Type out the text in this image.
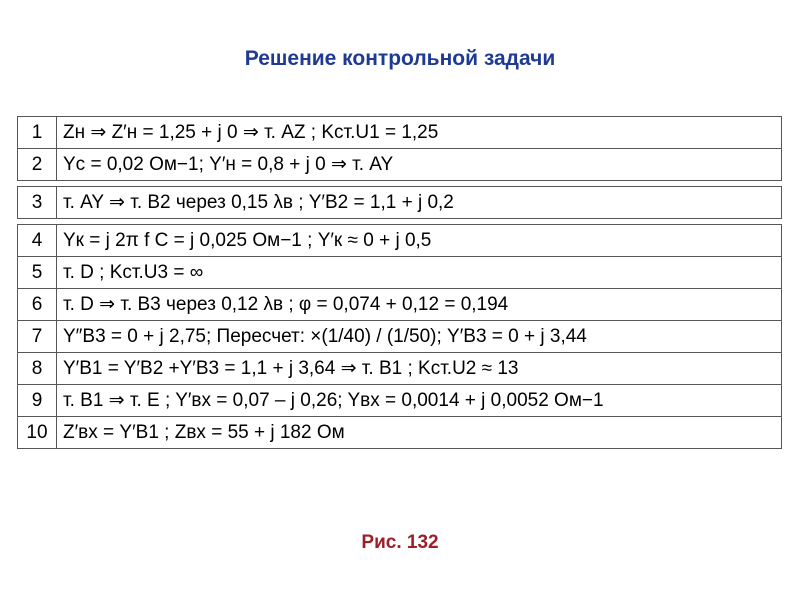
Решение контрольной задачи
1	Zн ⇒ Z′н = 1,25 + j 0 ⇒ т. AZ ; Kст.U1 = 1,25
2	Yс = 0,02 Ом−1; Y′н = 0,8 + j 0 ⇒ т. AY

3	т. AY ⇒ т. B2 через 0,15 λв ; Y′B2 = 1,1 + j 0,2

4	Yк = j 2π f C = j 0,025 Ом−1 ; Y′к ≈ 0 + j 0,5
5	т. D ; Kст.U3 = ∞
6	т. D ⇒ т. B3 через 0,12 λв ; φ = 0,074 + 0,12 = 0,194
7	Y″B3 = 0 + j 2,75; Пересчет: ×(1/40) / (1/50); Y′B3 = 0 + j 3,44
8	Y′B1 = Y′B2 +Y′B3 = 1,1 + j 3,64 ⇒ т. B1 ; Kст.U2 ≈ 13
9	т. B1 ⇒ т. E ; Y′вх = 0,07 – j 0,26; Yвх = 0,0014 + j 0,0052 Ом−1
10	Z′вх = Y′B1 ; Zвх = 55 + j 182 Ом
Рис. 132
